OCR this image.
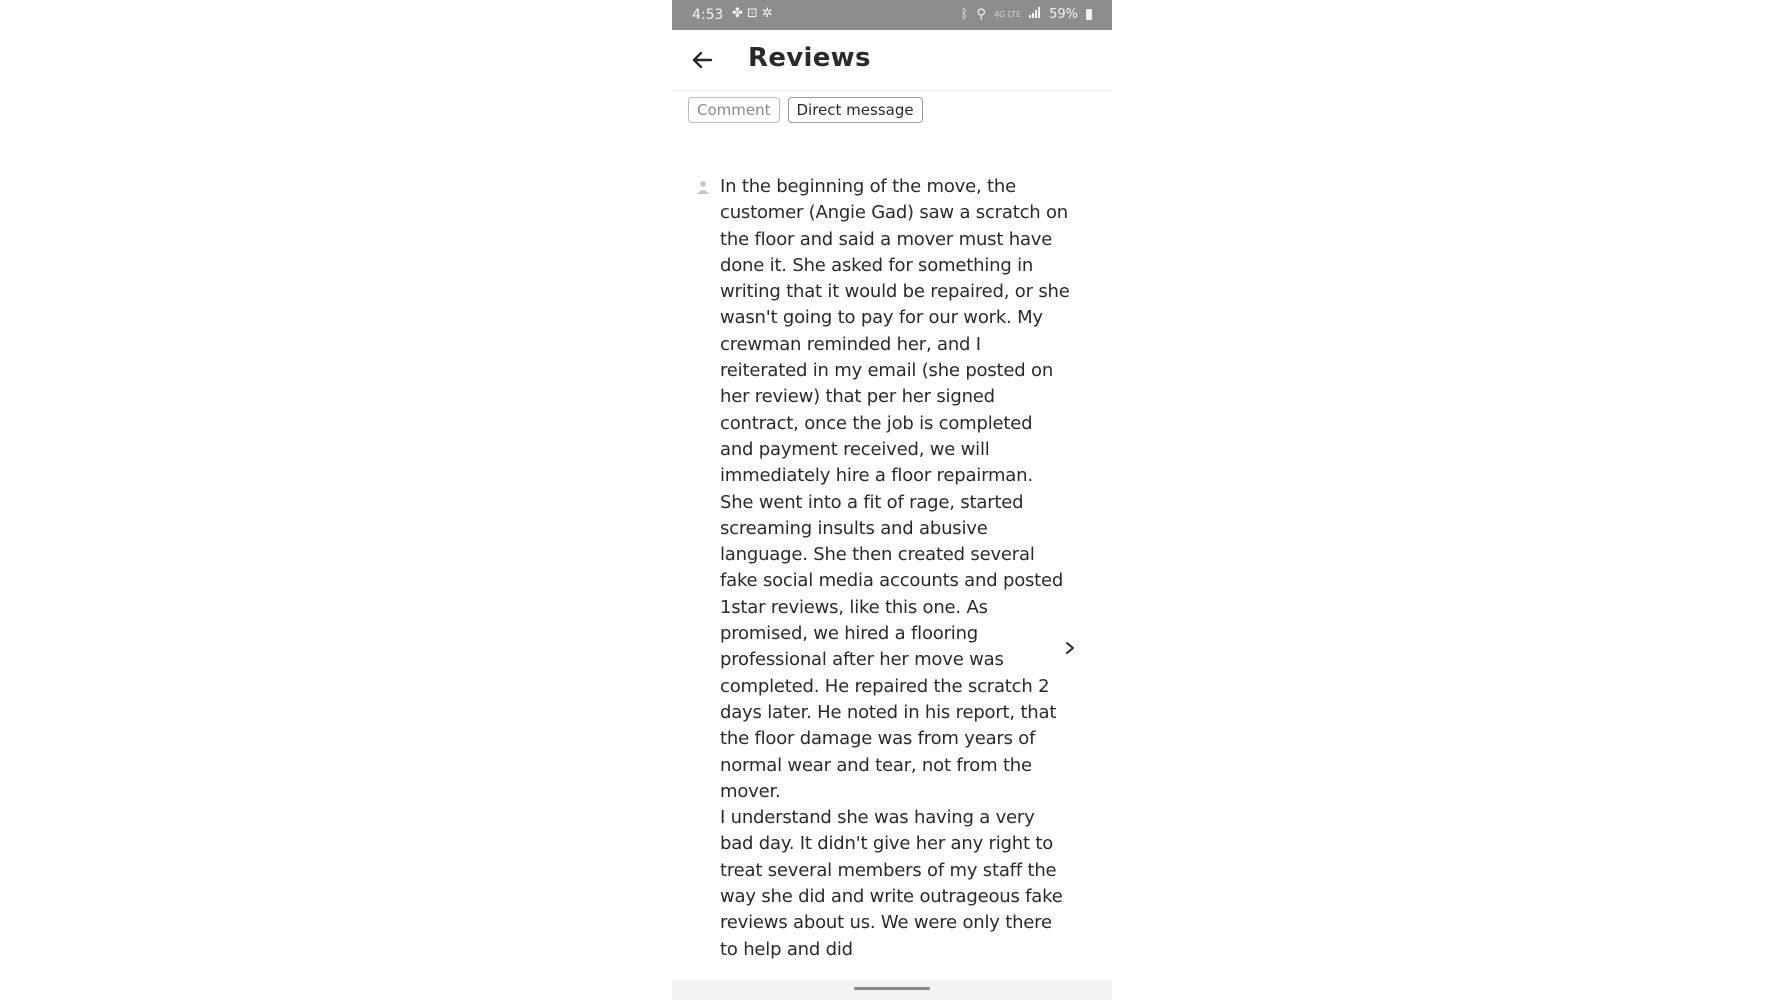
4:53 ✤ ⊡ ✲	ᛒ ⚲ 4G LTE 59%
Reviews
Comment	Direct message
In the beginning of the move, the customer (Angie Gad) saw a scratch on the floor and said a mover must have done it. She asked for something in writing that it would be repaired, or she wasn't going to pay for our work. My crewman reminded her, and I reiterated in my email (she posted on her review) that per her signed contract, once the job is completed and payment received, we will immediately hire a floor repairman. She went into a fit of rage, started screaming insults and abusive language. She then created several fake social media accounts and posted 1star reviews, like this one. As promised, we hired a flooring professional after her move was completed. He repaired the scratch 2 days later. He noted in his report, that the floor damage was from years of normal wear and tear, not from the mover.
I understand she was having a very bad day. It didn't give her any right to treat several members of my staff the way she did and write outrageous fake reviews about us. We were only there to help and did
